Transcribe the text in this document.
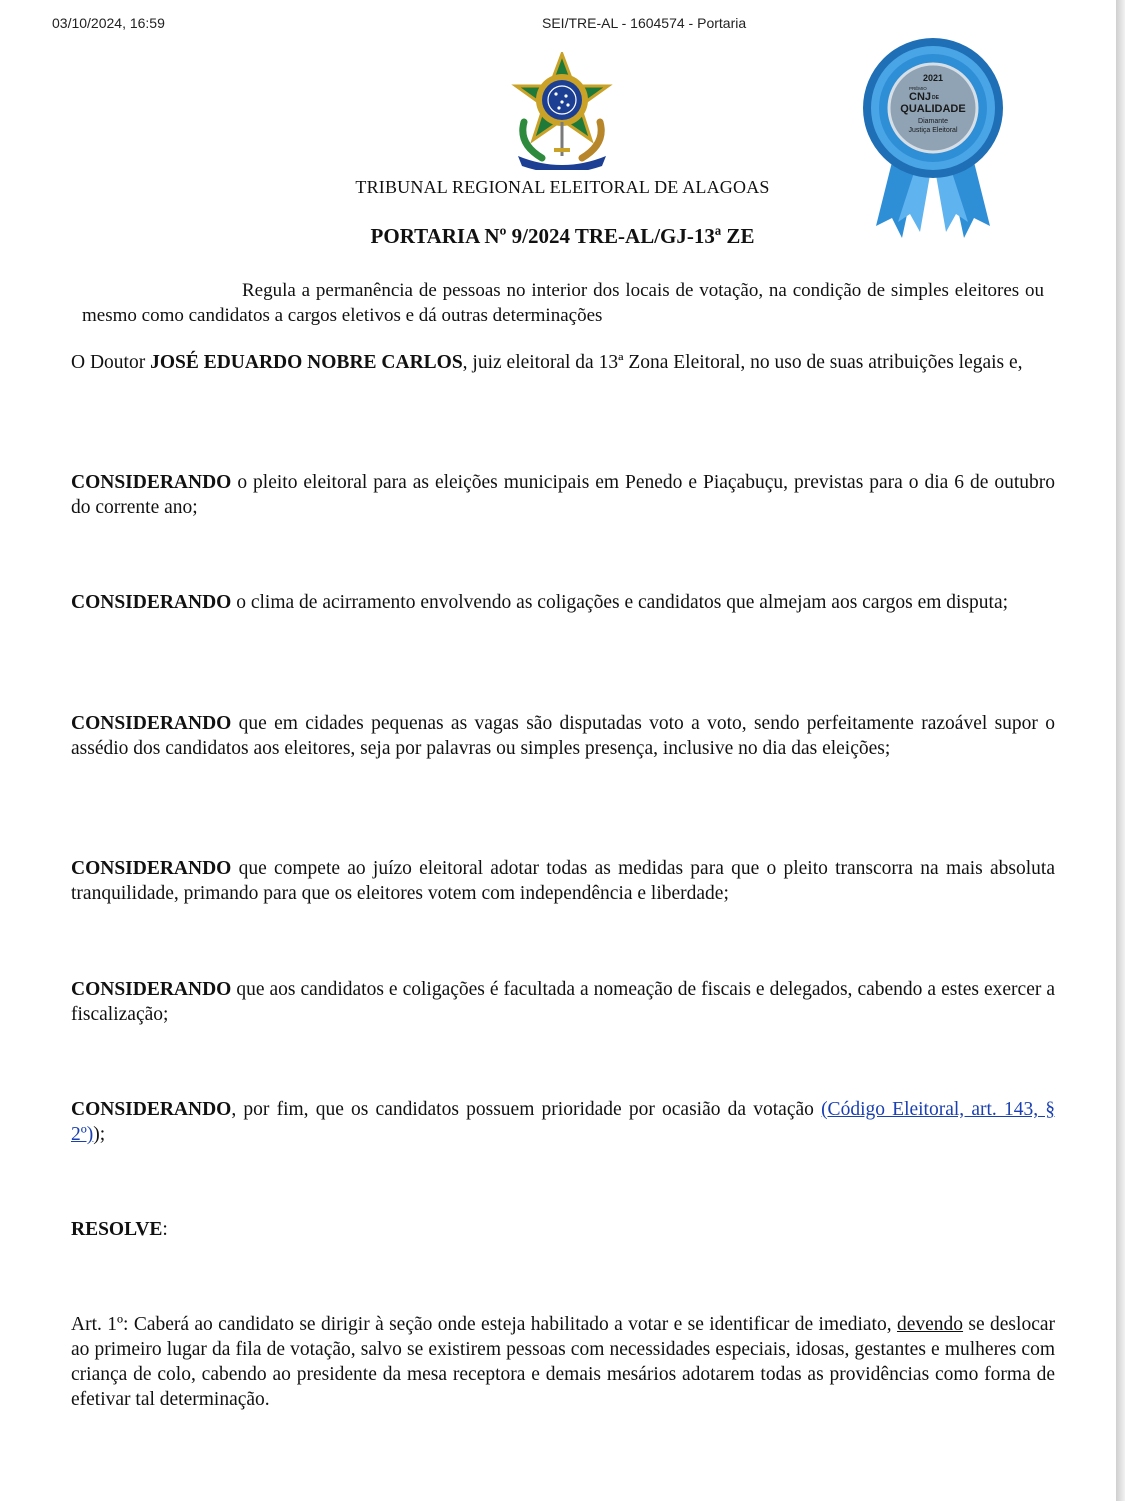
03/10/2024, 16:59	SEI/TRE-AL - 1604574 - Portaria
2021
PRÊMIO
CNJ DE
QUALIDADE
Diamante
Justiça Eleitoral
TRIBUNAL REGIONAL ELEITORAL DE ALAGOAS
PORTARIA Nº 9/2024 TRE-AL/GJ-13ª ZE
Regula a permanência de pessoas no interior dos locais de votação, na condição de simples eleitores ou mesmo como candidatos a cargos eletivos e dá outras determinações

O Doutor JOSÉ EDUARDO NOBRE CARLOS, juiz eleitoral da 13ª Zona Eleitoral, no uso de suas atribuições legais e,

CONSIDERANDO o pleito eleitoral para as eleições municipais em Penedo e Piaçabuçu, previstas para o dia 6 de outubro do corrente ano;

CONSIDERANDO o clima de acirramento envolvendo as coligações e candidatos que almejam aos cargos em disputa;

CONSIDERANDO que em cidades pequenas as vagas são disputadas voto a voto, sendo perfeitamente razoável supor o assédio dos candidatos aos eleitores, seja por palavras ou simples presença, inclusive no dia das eleições;

CONSIDERANDO que compete ao juízo eleitoral adotar todas as medidas para que o pleito transcorra na mais absoluta tranquilidade, primando para que os eleitores votem com independência e liberdade;

CONSIDERANDO que aos candidatos e coligações é facultada a nomeação de fiscais e delegados, cabendo a estes exercer a fiscalização;

CONSIDERANDO, por fim, que os candidatos possuem prioridade por ocasião da votação (Código Eleitoral, art. 143, § 2º));

RESOLVE:

Art. 1º: Caberá ao candidato se dirigir à seção onde esteja habilitado a votar e se identificar de imediato, devendo se deslocar ao primeiro lugar da fila de votação, salvo se existirem pessoas com necessidades especiais, idosas, gestantes e mulheres com criança de colo, cabendo ao presidente da mesa receptora e demais mesários adotarem todas as providências como forma de efetivar tal determinação.
